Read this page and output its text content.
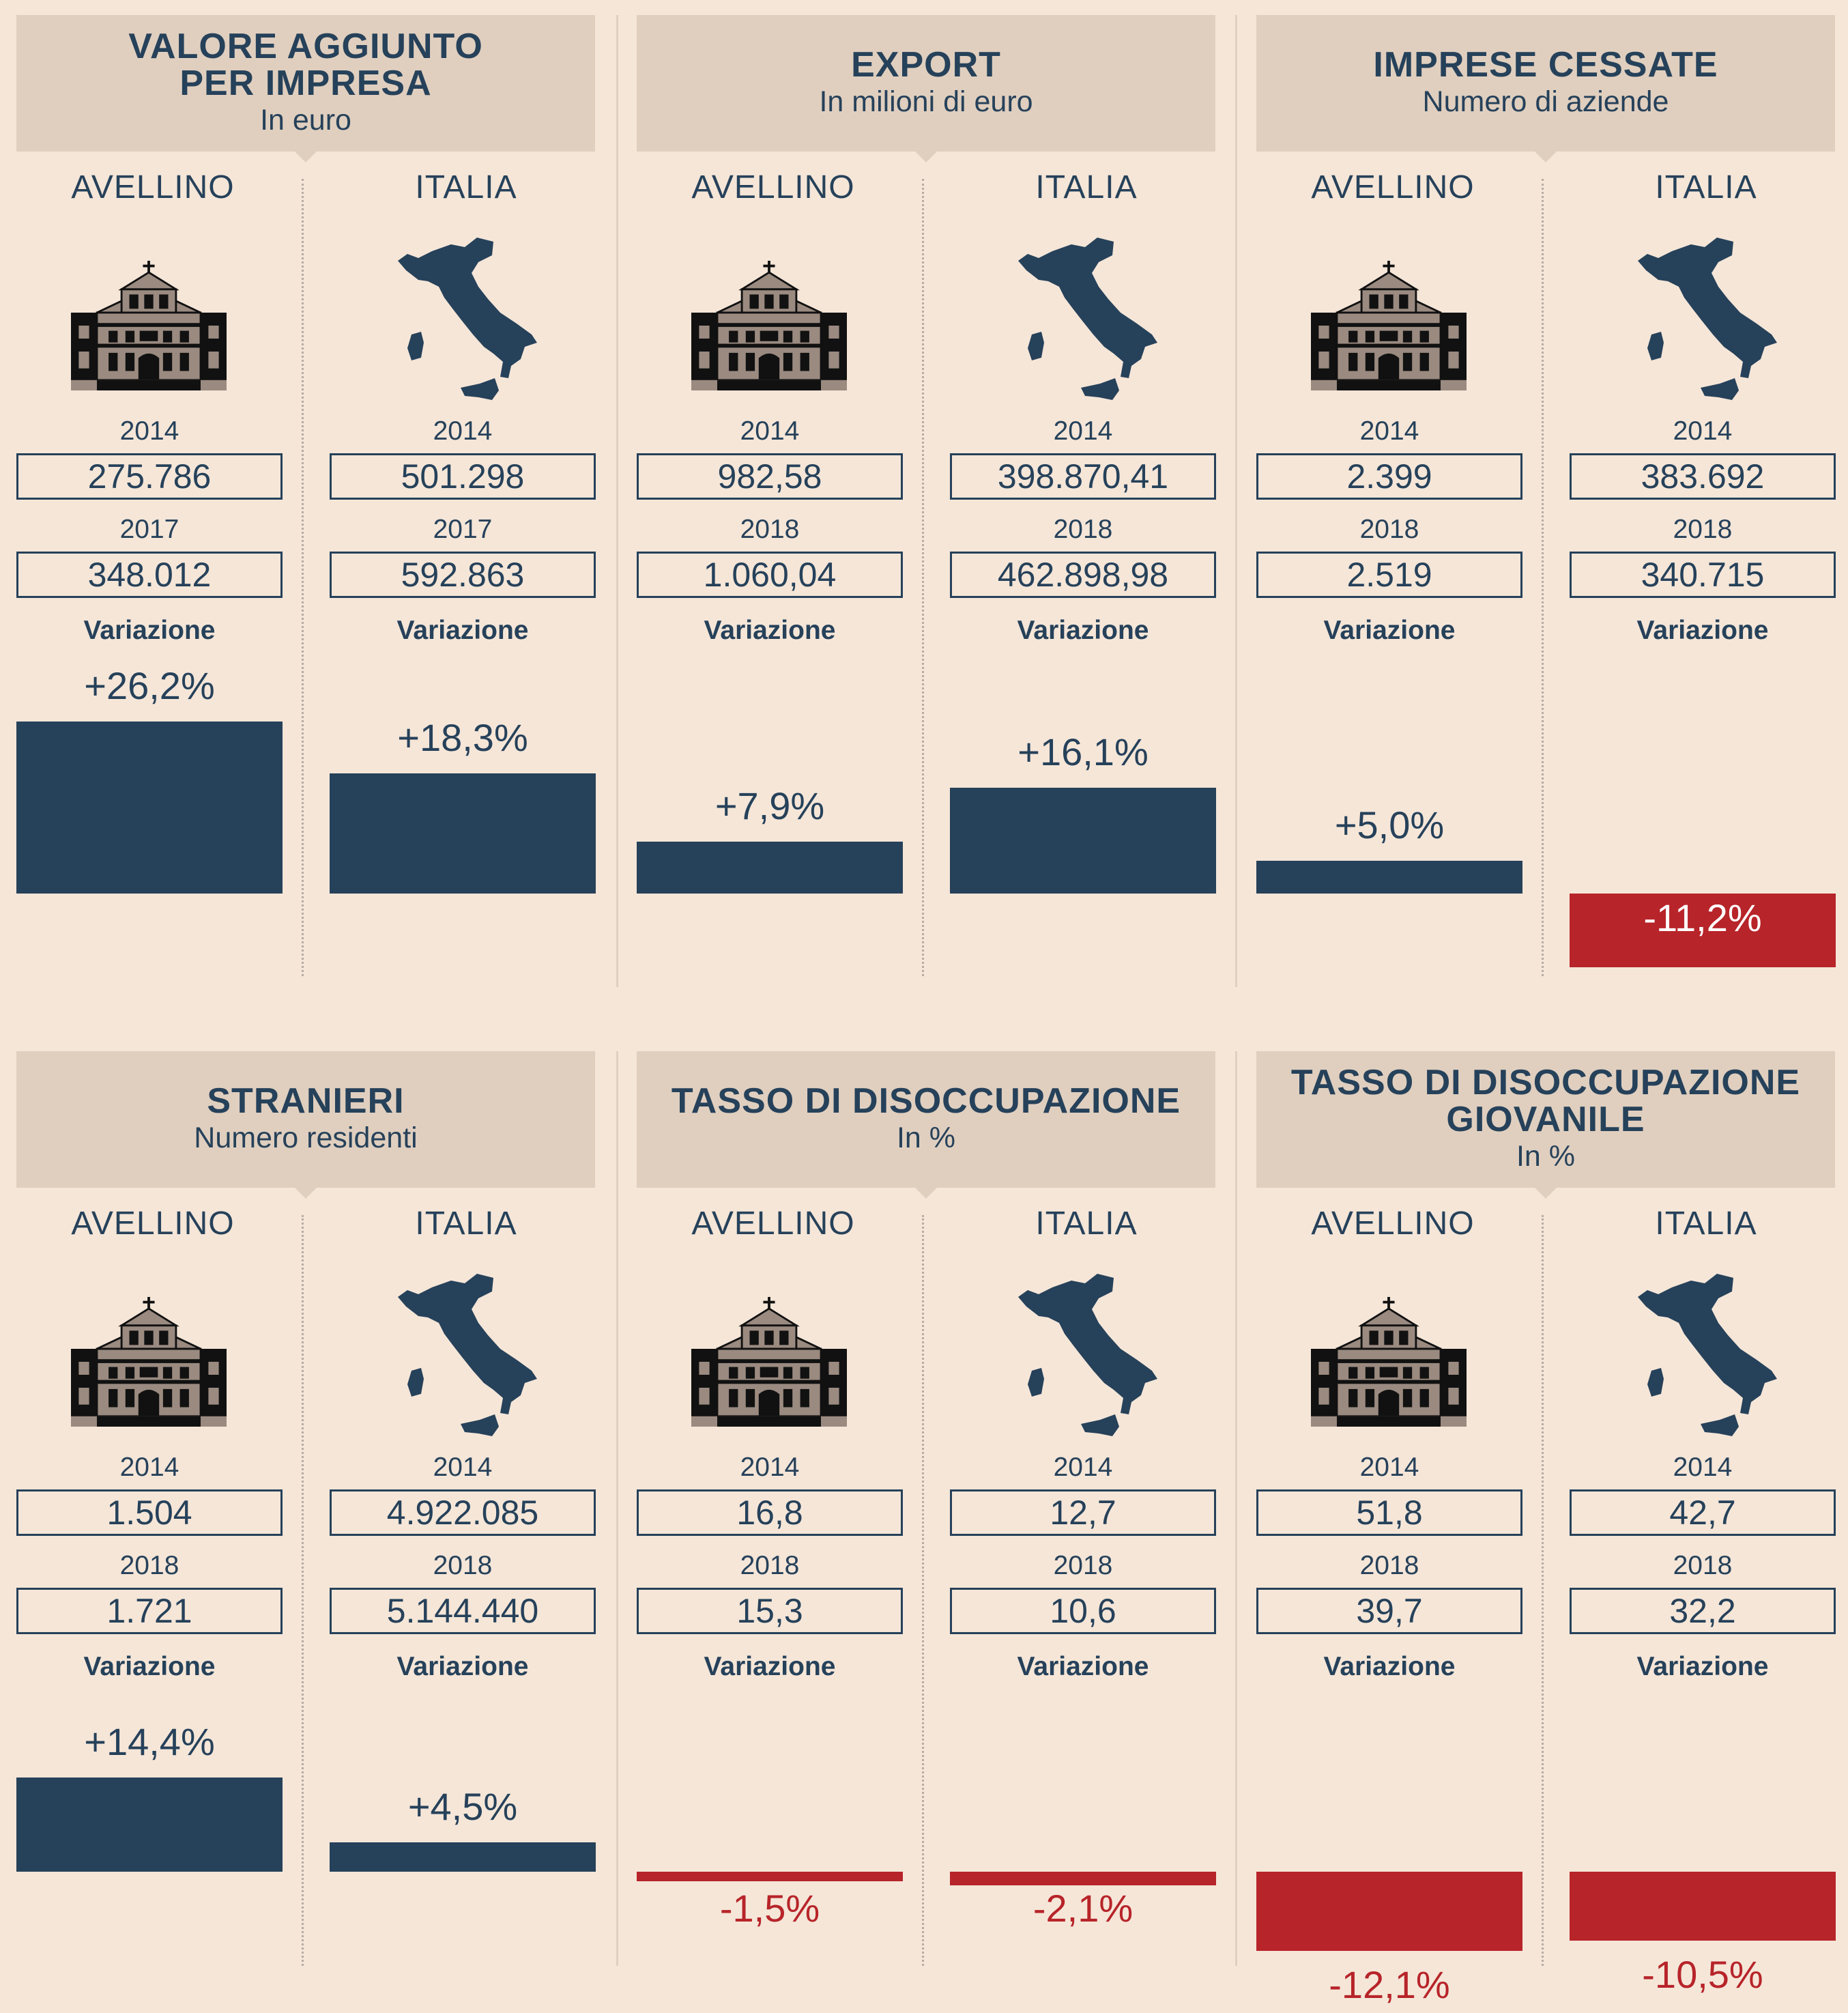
VALORE AGGIUNTO
PER IMPRESA
In euro
AVELLINO
2014
275.786
2017
348.012
Variazione
+26,2%
ITALIA
2014
501.298
2017
592.863
Variazione
+18,3%
EXPORT
In milioni di euro
AVELLINO
2014
982,58
2018
1.060,04
Variazione
+7,9%
ITALIA
2014
398.870,41
2018
462.898,98
Variazione
+16,1%
IMPRESE CESSATE
Numero di aziende
AVELLINO
2014
2.399
2018
2.519
Variazione
+5,0%
ITALIA
2014
383.692
2018
340.715
Variazione
-11,2%
STRANIERI
Numero residenti
AVELLINO
2014
1.504
2018
1.721
Variazione
+14,4%
ITALIA
2014
4.922.085
2018
5.144.440
Variazione
+4,5%
TASSO DI DISOCCUPAZIONE
In %
AVELLINO
2014
16,8
2018
15,3
Variazione
-1,5%
ITALIA
2014
12,7
2018
10,6
Variazione
-2,1%
TASSO DI DISOCCUPAZIONE
GIOVANILE
In %
AVELLINO
2014
51,8
2018
39,7
Variazione
-12,1%
ITALIA
2014
42,7
2018
32,2
Variazione
-10,5%
